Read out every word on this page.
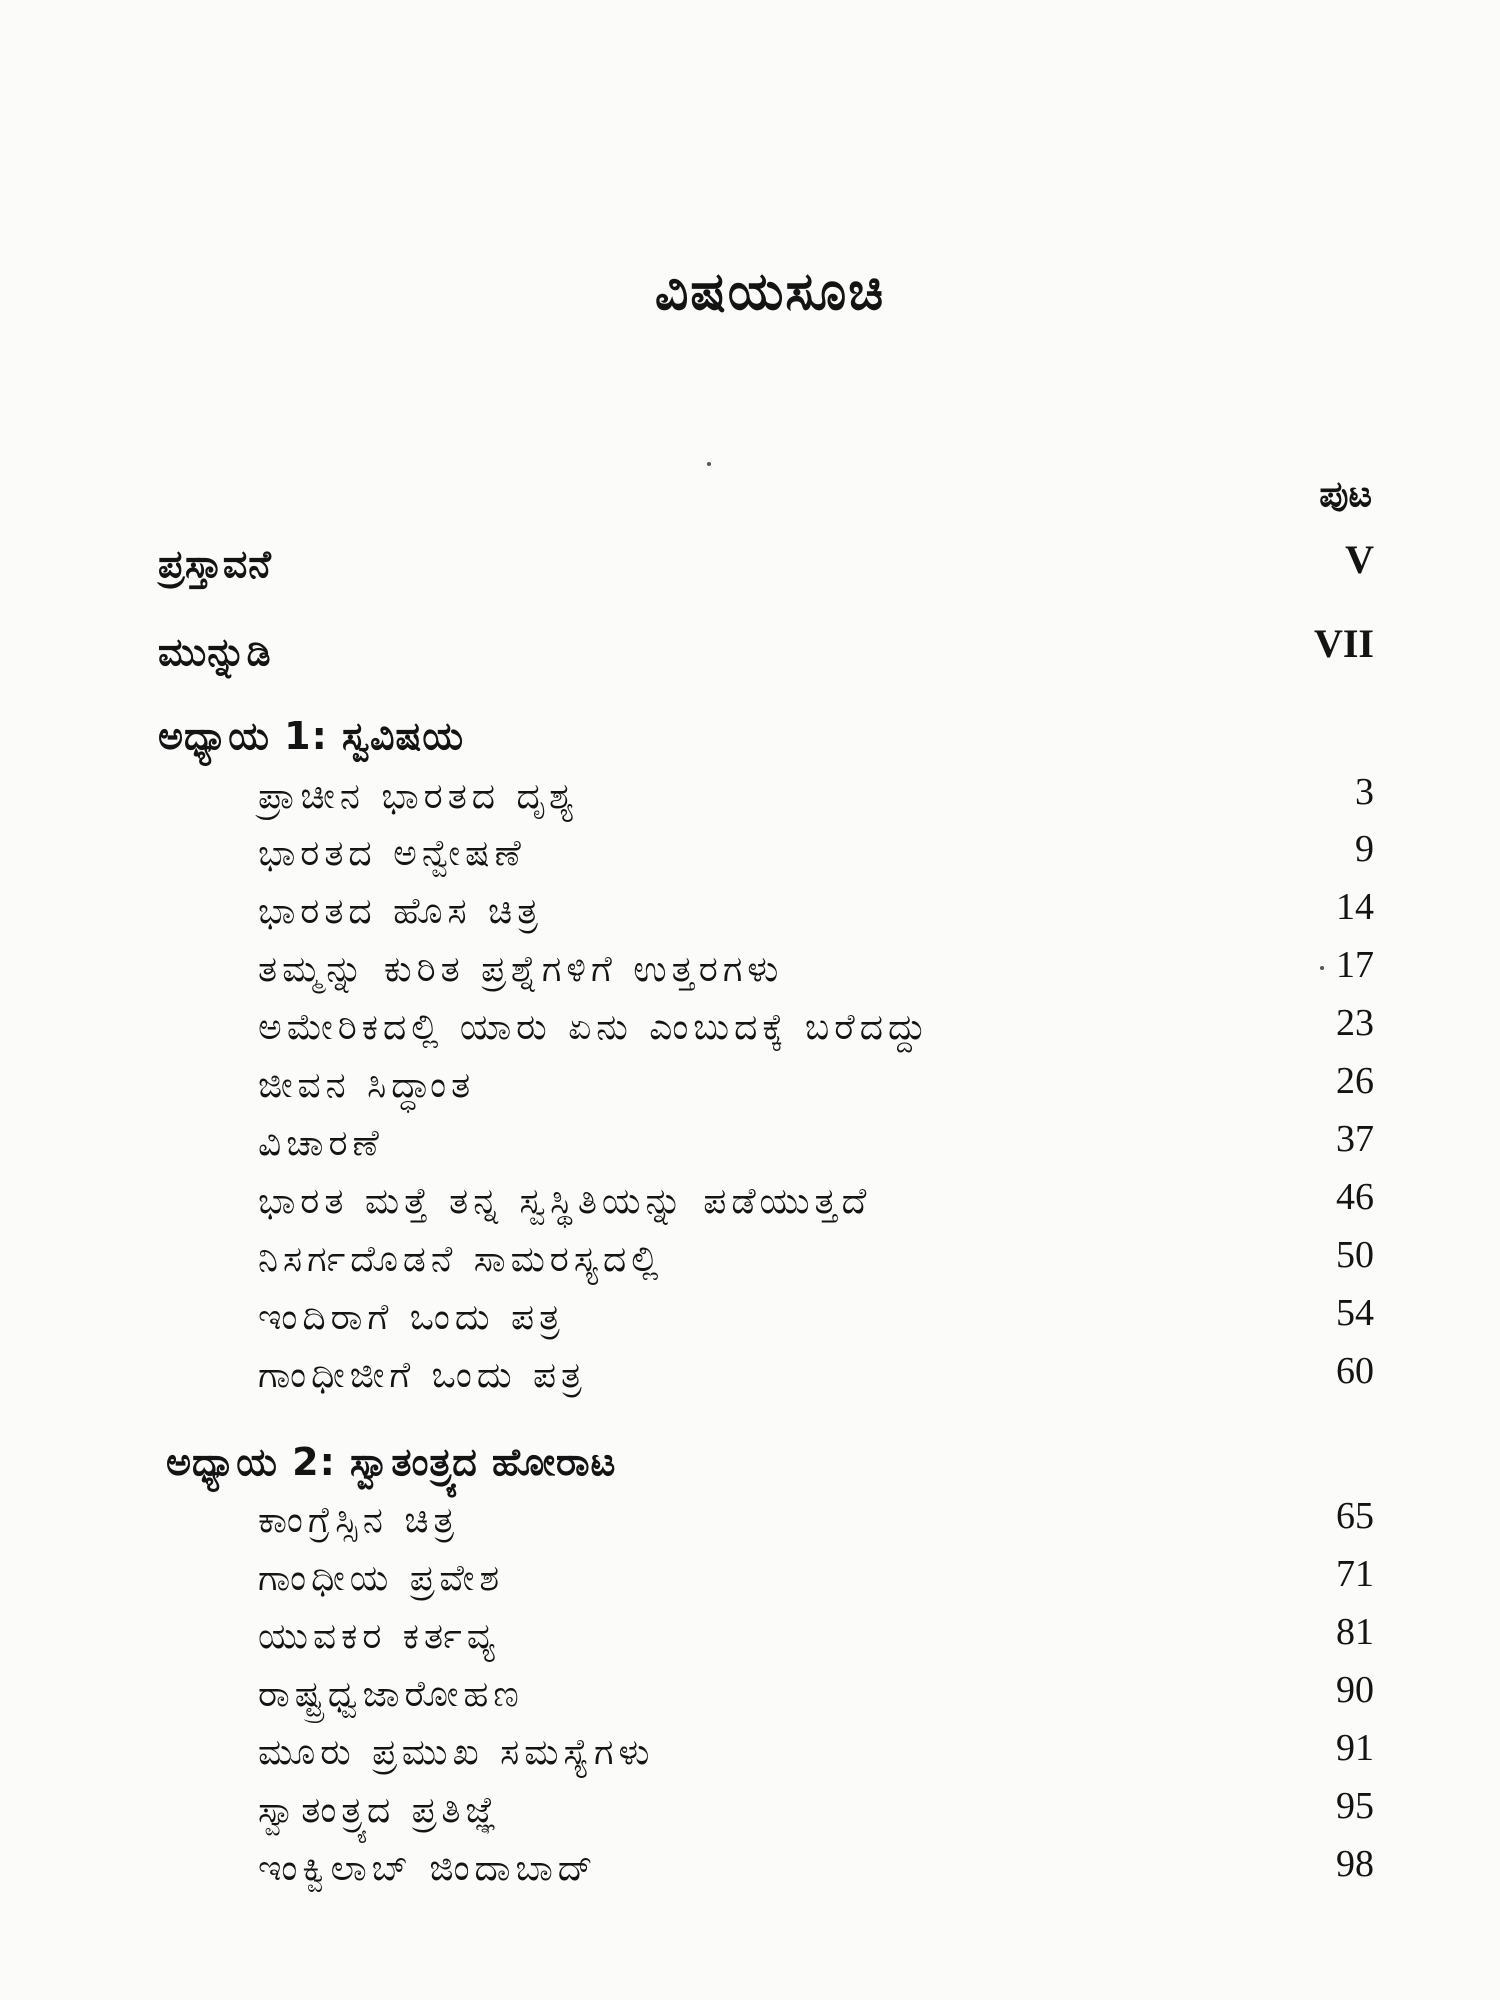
ವಿಷಯಸೂಚಿ
ಪುಟ
ಪ್ರಸ್ತಾವನೆ	V
ಮುನ್ನುಡಿ	VII
ಅಧ್ಯಾಯ 1: ಸ್ವವಿಷಯ
ಪ್ರಾಚೀನ ಭಾರತದ ದೃಶ್ಯ	3
ಭಾರತದ ಅನ್ವೇಷಣೆ	9
ಭಾರತದ ಹೊಸ ಚಿತ್ರ	14
ತಮ್ಮನ್ನು ಕುರಿತ ಪ್ರಶ್ನೆಗಳಿಗೆ ಉತ್ತರಗಳು	17
ಅಮೇರಿಕದಲ್ಲಿ ಯಾರು ಏನು ಎಂಬುದಕ್ಕೆ ಬರೆದದ್ದು	23
ಜೀವನ ಸಿದ್ಧಾಂತ	26
ವಿಚಾರಣೆ	37
ಭಾರತ ಮತ್ತೆ ತನ್ನ ಸ್ವಸ್ಥಿತಿಯನ್ನು ಪಡೆಯುತ್ತದೆ	46
ನಿಸರ್ಗದೊಡನೆ ಸಾಮರಸ್ಯದಲ್ಲಿ	50
ಇಂದಿರಾಗೆ ಒಂದು ಪತ್ರ	54
ಗಾಂಧೀಜೀಗೆ ಒಂದು ಪತ್ರ	60
ಅಧ್ಯಾಯ 2: ಸ್ವಾತಂತ್ರ್ಯದ ಹೋರಾಟ
ಕಾಂಗ್ರೆಸ್ಸಿನ ಚಿತ್ರ	65
ಗಾಂಧೀಯ ಪ್ರವೇಶ	71
ಯುವಕರ ಕರ್ತವ್ಯ	81
ರಾಷ್ಟ್ರಧ್ವಜಾರೋಹಣ	90
ಮೂರು ಪ್ರಮುಖ ಸಮಸ್ಯೆಗಳು	91
ಸ್ವಾತಂತ್ರ್ಯದ ಪ್ರತಿಜ್ಞೆ	95
ಇಂಕ್ವಿಲಾಬ್ ಜಿಂದಾಬಾದ್	98
